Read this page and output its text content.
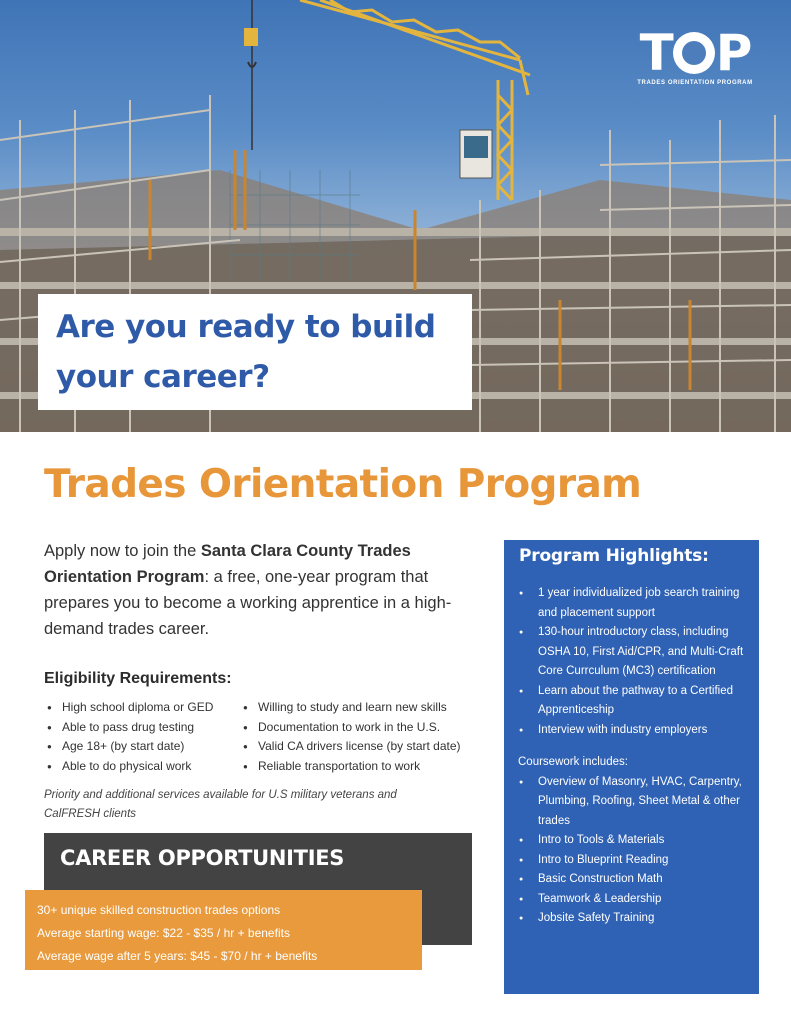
T P
TRADES ORIENTATION PROGRAM
Are you ready to build
your career?
Trades Orientation Program

Apply now to join the Santa Clara County Trades Orientation Program: a free, one-year program that prepares you to become a working apprentice in a high-demand trades career.

Eligibility Requirements:
● High school diploma or GED
● Able to pass drug testing
● Age 18+ (by start date)
● Able to do physical work
● Willing to study and learn new skills
● Documentation to work in the U.S.
● Valid CA drivers license (by start date)
● Reliable transportation to work

Priority and additional services available for U.S military veterans and CalFRESH clients

CAREER OPPORTUNITIES
30+ unique skilled construction trades options
Average starting wage: $22 - $35 / hr + benefits
Average wage after 5 years: $45 - $70 / hr + benefits
Program Highlights:
● 1 year individualized job search training and placement support
● 130-hour introductory class, including OSHA 10, First Aid/CPR, and Multi-Craft Core Currculum (MC3) certification
● Learn about the pathway to a Certified Apprenticeship
● Interview with industry employers
Coursework includes:
● Overview of Masonry, HVAC, Carpentry, Plumbing, Roofing, Sheet Metal & other trades
● Intro to Tools & Materials
● Intro to Blueprint Reading
● Basic Construction Math
● Teamwork & Leadership
● Jobsite Safety Training
